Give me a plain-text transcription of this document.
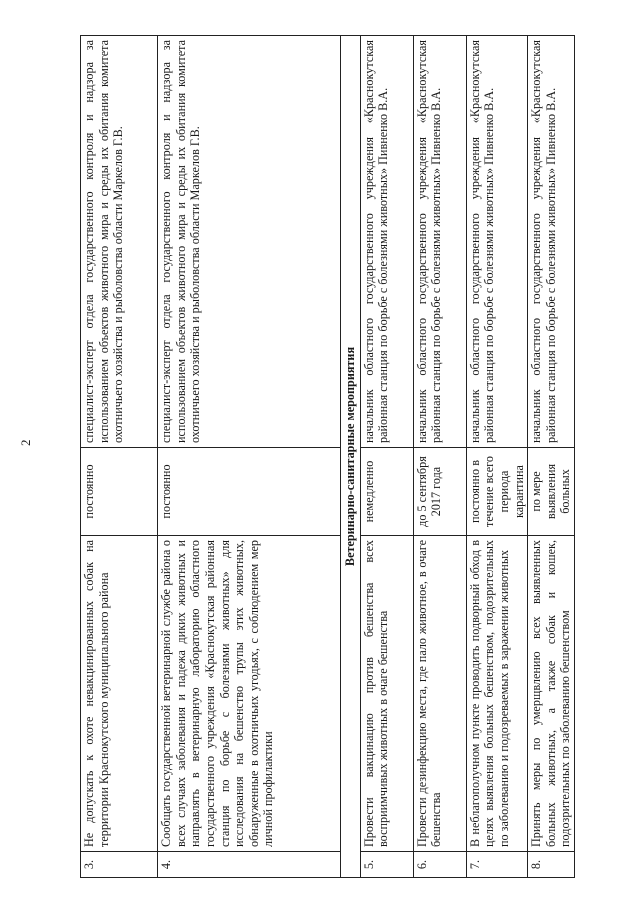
2
3.	Не допускать к охоте невакцинированных собак на территории Краснокутского муниципального района	постоянно	специалист-эксперт отдела государственного контроля и надзора за использованием объектов животного мира и среды их обитания комитета охотничьего хозяйства и рыболовства области Маркелов Г.В.
4.	Сообщать государственной ветеринарной службе района о всех случаях заболевания и падежа диких животных и направлять в ветеринарную лабораторию областного государственного учреждения «Краснокутская районная станция по борьбе с болезнями животных» для исследования на бешенство трупы этих животных, обнаруженные в охотничьих угодьях, с соблюдением мер личной профилактики	постоянно	специалист-эксперт отдела государственного контроля и надзора за использованием объектов животного мира и среды их обитания комитета охотничьего хозяйства и рыболовства области Маркелов Г.В.
Ветеринарно-санитарные мероприятия			
5.	Провести вакцинацию против бешенства всех восприимчивых животных в очаге бешенства	немедленно	начальник областного государственного учреждения «Краснокутская районная станция по борьбе с болезнями животных» Пивненко В.А.
6.	Провести дезинфекцию места, где пало животное, в очаге бешенства	до 5 сентября 2017 года	начальник областного государственного учреждения «Краснокутская районная станция по борьбе с болезнями животных» Пивненко В.А.
7.	В неблагополучном пункте проводить подворный обход в целях выявления больных бешенством, подозрительных по заболеванию и подозреваемых в заражении животных	постоянно в течение всего периода карантина	начальник областного государственного учреждения «Краснокутская районная станция по борьбе с болезнями животных» Пивненко В.А.
8.	Принять меры по умерщвлению всех выявленных больных животных, а также собак и кошек, подозрительных по заболеванию бешенством	по мере выявления больных	начальник областного государственного учреждения «Краснокутская районная станция по борьбе с болезнями животных» Пивненко В.А.
